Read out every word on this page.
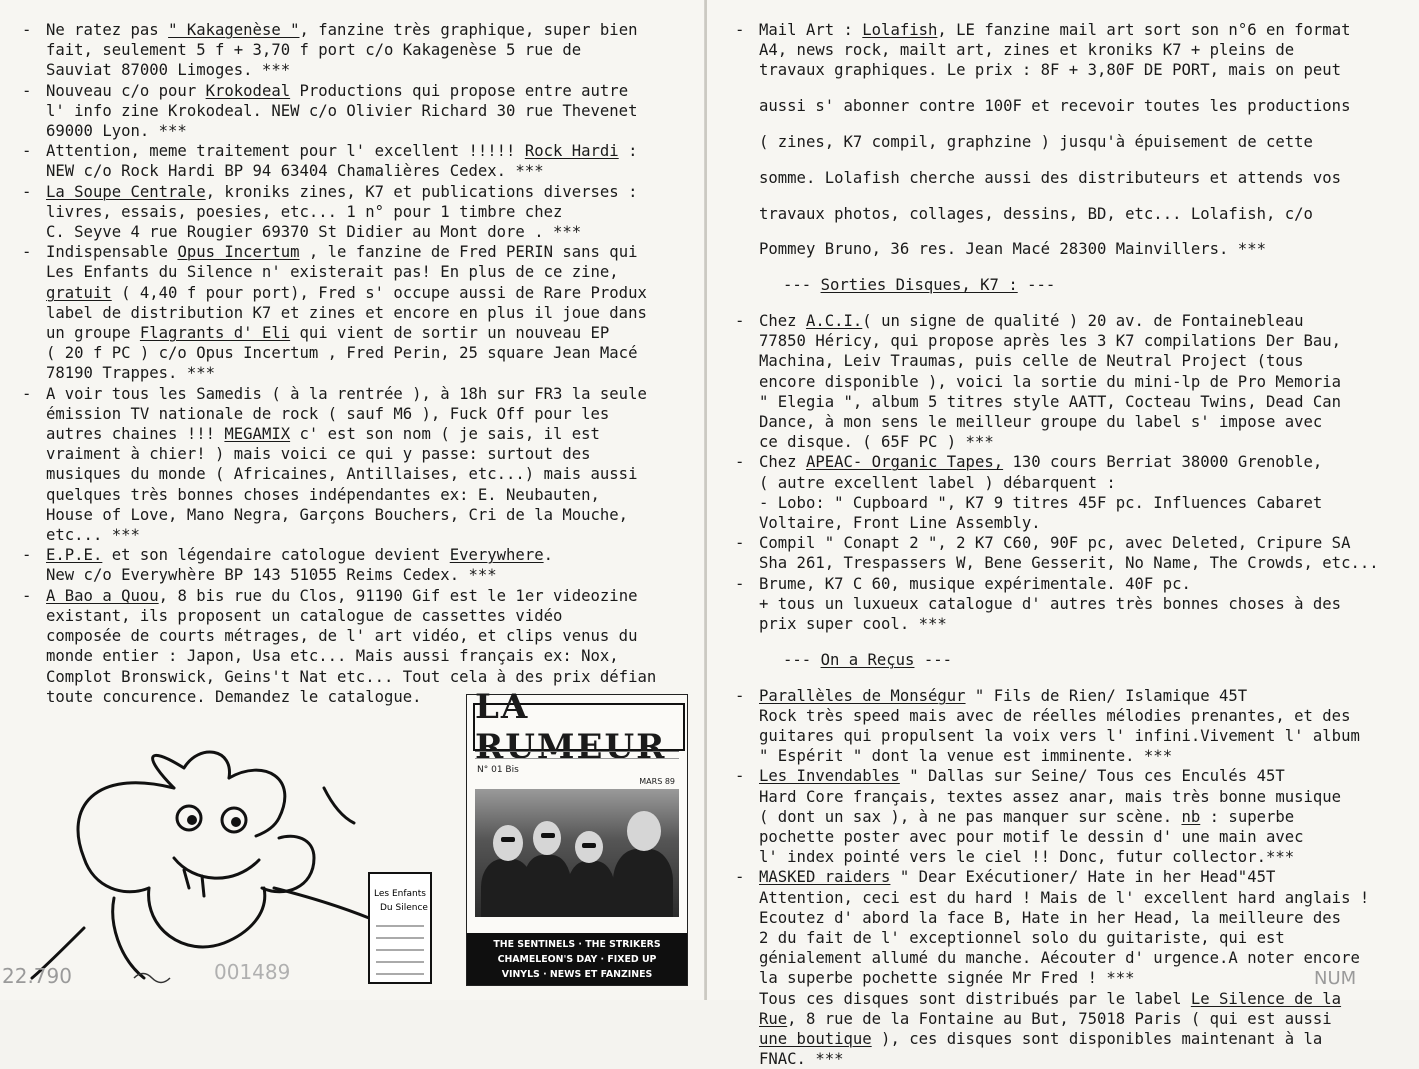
- Ne ratez pas " Kakagenèse ", fanzine très graphique, super bien

fait, seulement 5 f + 3,70 f port c/o Kakagenèse 5 rue de

Sauviat 87000 Limoges. ***

- Nouveau c/o pour Krokodeal Productions qui propose entre autre

l' info zine Krokodeal. NEW c/o Olivier Richard 30 rue Thevenet

69000 Lyon. ***

- Attention, meme traitement pour l' excellent !!!!! Rock Hardi :

NEW c/o Rock Hardi BP 94 63404 Chamalières Cedex. ***

- La Soupe Centrale, kroniks zines, K7 et publications diverses :

livres, essais, poesies, etc... 1 n° pour 1 timbre chez

C. Seyve 4 rue Rougier 69370 St Didier au Mont dore . ***

- Indispensable Opus Incertum , le fanzine de Fred PERIN sans qui

Les Enfants du Silence n' existerait pas! En plus de ce zine,

gratuit ( 4,40 f pour port), Fred s' occupe aussi de Rare Produx

label de distribution K7 et zines et encore en plus il joue dans

un groupe Flagrants d' Eli qui vient de sortir un nouveau EP

( 20 f PC ) c/o Opus Incertum , Fred Perin, 25 square Jean Macé

78190 Trappes. ***

- A voir tous les Samedis ( à la rentrée ), à 18h sur FR3 la seule

émission TV nationale de rock ( sauf M6 ), Fuck Off pour les

autres chaines !!! MEGAMIX c' est son nom ( je sais, il est

vraiment à chier! ) mais voici ce qui y passe: surtout des

musiques du monde ( Africaines, Antillaises, etc...) mais aussi

quelques très bonnes choses indépendantes ex: E. Neubauten,

House of Love, Mano Negra, Garçons Bouchers, Cri de la Mouche,

etc... ***

- E.P.E. et son légendaire catologue devient Everywhere.

New c/o Everywhère BP 143 51055 Reims Cedex. ***

- A Bao a Quou, 8 bis rue du Clos, 91190 Gif est le 1er videozine

existant, ils proposent un catalogue de cassettes vidéo

composée de courts métrages, de l' art vidéo, et clips venus du

monde entier : Japon, Usa etc... Mais aussi français ex: Nox,

Complot Bronswick, Geins't Nat etc... Tout cela à des prix défian

toute concurence. Demandez le catalogue.

- Mail Art : Lolafish, LE fanzine mail art sort son n°6 en format

A4, news rock, mailt art, zines et kroniks K7 + pleins de

travaux graphiques. Le prix : 8F + 3,80F DE PORT, mais on peut

aussi s' abonner contre 100F et recevoir toutes les productions

( zines, K7 compil, graphzine ) jusqu'à épuisement de cette

somme. Lolafish cherche aussi des distributeurs et attends vos

travaux photos, collages, dessins, BD, etc... Lolafish, c/o

Pommey Bruno, 36 res. Jean Macé 28300 Mainvillers. ***

--- Sorties Disques, K7 : ---

- Chez A.C.I.( un signe de qualité ) 20 av. de Fontainebleau

77850 Héricy, qui propose après les 3 K7 compilations Der Bau,

Machina, Leiv Traumas, puis celle de Neutral Project (tous

encore disponible ), voici la sortie du mini-lp de Pro Memoria

" Elegia ", album 5 titres style AATT, Cocteau Twins, Dead Can

Dance, à mon sens le meilleur groupe du label s' impose avec

ce disque. ( 65F PC ) ***

- Chez APEAC- Organic Tapes, 130 cours Berriat 38000 Grenoble,

( autre excellent label ) débarquent :

- Lobo: " Cupboard ", K7 9 titres 45F pc. Influences Cabaret

Voltaire, Front Line Assembly.

- Compil " Conapt 2 ", 2 K7 C60, 90F pc, avec Deleted, Cripure SA

Sha 261, Trespassers W, Bene Gesserit, No Name, The Crowds, etc...

- Brume, K7 C 60, musique expérimentale. 40F pc.

+ tous un luxueux catalogue d' autres très bonnes choses à des

prix super cool. ***

--- On a Reçus ---

- Parallèles de Monségur " Fils de Rien/ Islamique 45T

Rock très speed mais avec de réelles mélodies prenantes, et des

guitares qui propulsent la voix vers l' infini.Vivement l' album

" Espérit " dont la venue est imminente. ***

- Les Invendables " Dallas sur Seine/ Tous ces Enculés 45T

Hard Core français, textes assez anar, mais très bonne musique

( dont un sax ), à ne pas manquer sur scène. nb : superbe

pochette poster avec pour motif le dessin d' une main avec

l' index pointé vers le ciel !! Donc, futur collector.***

- MASKED raiders " Dear Exécutioner/ Hate in her Head"45T

Attention, ceci est du hard ! Mais de l' excellent hard anglais !

Ecoutez d' abord la face B, Hate in her Head, la meilleure des

2 du fait de l' exceptionnel solo du guitariste, qui est

génialement allumé du manche. Aécouter d' urgence.A noter encore

la superbe pochette signée Mr Fred ! ***

Tous ces disques sont distribués par le label Le Silence de la

Rue, 8 rue de la Fontaine au But, 75018 Paris ( qui est aussi

une boutique ), ces disques sont disponibles maintenant à la

FNAC. ***

LA RUMEUR
N° 01 Bis
MARS 89
THE SENTINELS · THE STRIKERS
CHAMELEON'S DAY · FIXED UP
VINYLS · NEWS ET FANZINES
Les Enfants
Du Silence
22.790	001489	NUM
